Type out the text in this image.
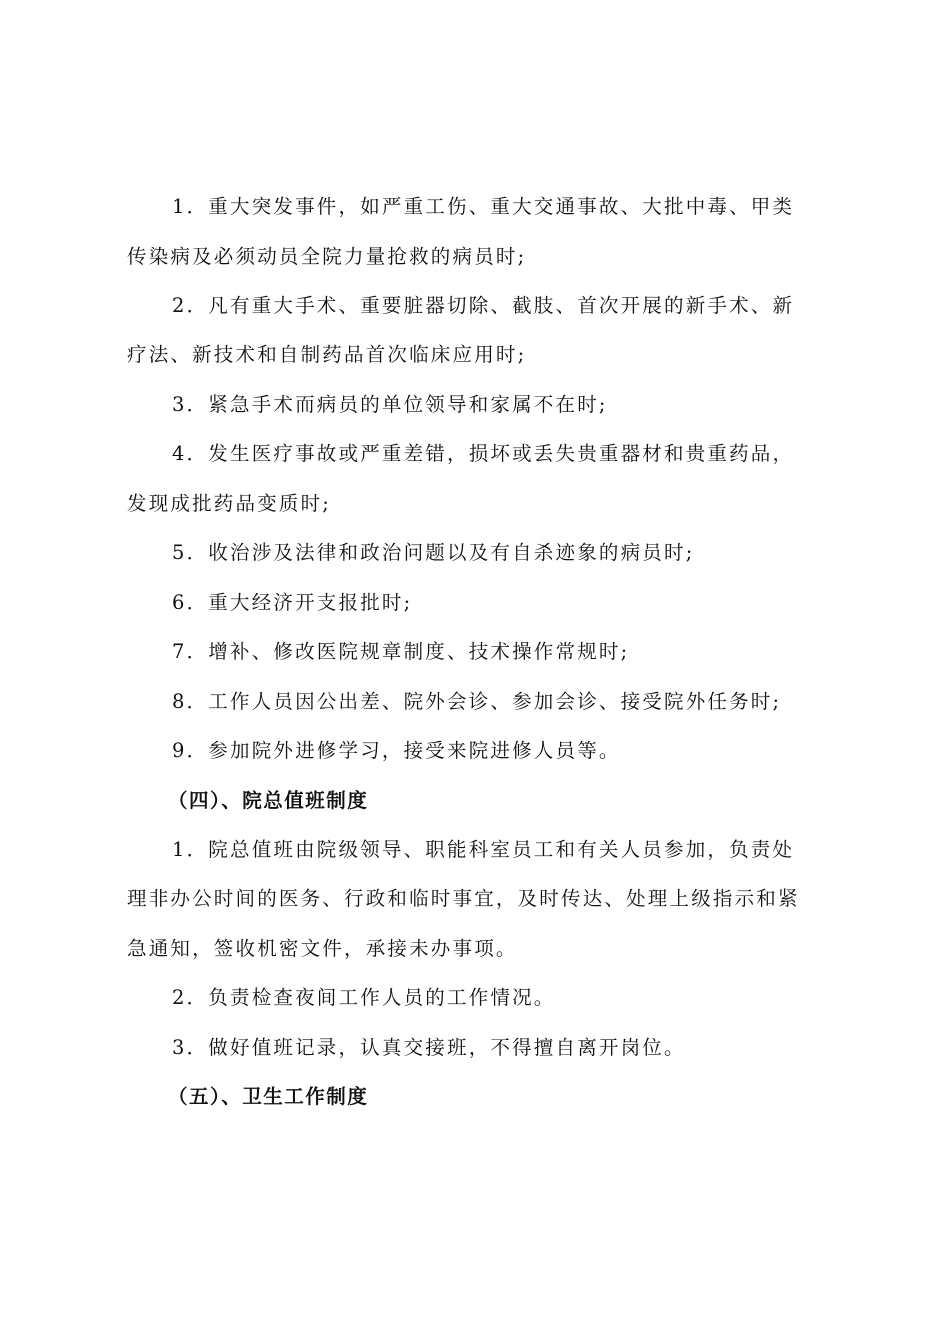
1．重大突发事件，如严重工伤、重大交通事故、大批中毒、甲类
传染病及必须动员全院力量抢救的病员时;
2．凡有重大手术、重要脏器切除、截肢、首次开展的新手术、新
疗法、新技术和自制药品首次临床应用时;
3．紧急手术而病员的单位领导和家属不在时;
4．发生医疗事故或严重差错，损坏或丢失贵重器材和贵重药品，
发现成批药品变质时;
5．收治涉及法律和政治问题以及有自杀迹象的病员时;
6．重大经济开支报批时;
7．增补、修改医院规章制度、技术操作常规时;
8．工作人员因公出差、院外会诊、参加会诊、接受院外任务时;
9．参加院外进修学习，接受来院进修人员等。
（四）、院总值班制度
1．院总值班由院级领导、职能科室员工和有关人员参加，负责处
理非办公时间的医务、行政和临时事宜，及时传达、处理上级指示和紧
急通知，签收机密文件，承接未办事项。
2．负责检查夜间工作人员的工作情况。
3．做好值班记录，认真交接班，不得擅自离开岗位。
（五）、卫生工作制度
